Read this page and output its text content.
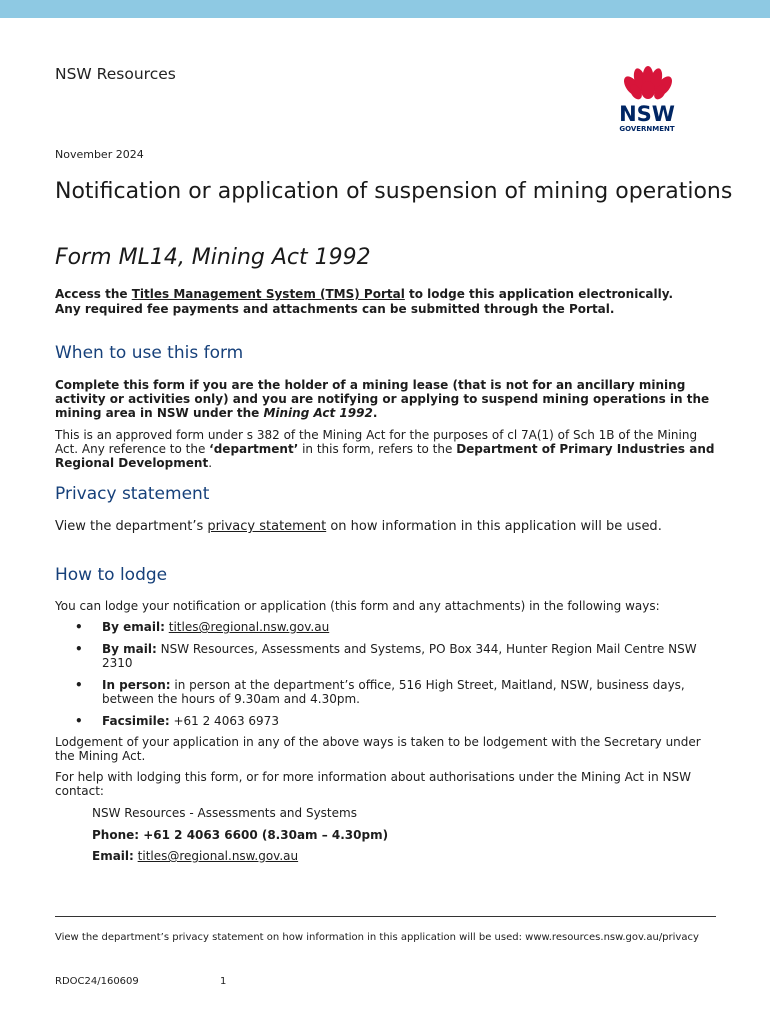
NSW Resources
NSW
GOVERNMENT
November 2024
Notification or application of suspension of mining operations
Form ML14, Mining Act 1992
Access the Titles Management System (TMS) Portal to lodge this application electronically.
Any required fee payments and attachments can be submitted through the Portal.
When to use this form
Complete this form if you are the holder of a mining lease (that is not for an ancillary mining activity or activities only) and you are notifying or applying to suspend mining operations in the mining area in NSW under the Mining Act 1992.
This is an approved form under s 382 of the Mining Act for the purposes of cl 7A(1) of Sch 1B of the Mining Act. Any reference to the ‘department’ in this form, refers to the Department of Primary Industries and Regional Development.
Privacy statement
View the department’s privacy statement on how information in this application will be used.
How to lodge
You can lodge your notification or application (this form and any attachments) in the following ways:
• By email: titles@regional.nsw.gov.au
• By mail: NSW Resources, Assessments and Systems, PO Box 344, Hunter Region Mail Centre NSW 2310
• In person: in person at the department’s office, 516 High Street, Maitland, NSW, business days, between the hours of 9.30am and 4.30pm.
• Facsimile: +61 2 4063 6973
Lodgement of your application in any of the above ways is taken to be lodgement with the Secretary under the Mining Act.
For help with lodging this form, or for more information about authorisations under the Mining Act in NSW contact:
NSW Resources - Assessments and Systems
Phone: +61 2 4063 6600 (8.30am – 4.30pm)
Email: titles@regional.nsw.gov.au
View the department’s privacy statement on how information in this application will be used: www.resources.nsw.gov.au/privacy
RDOC24/160609	1
